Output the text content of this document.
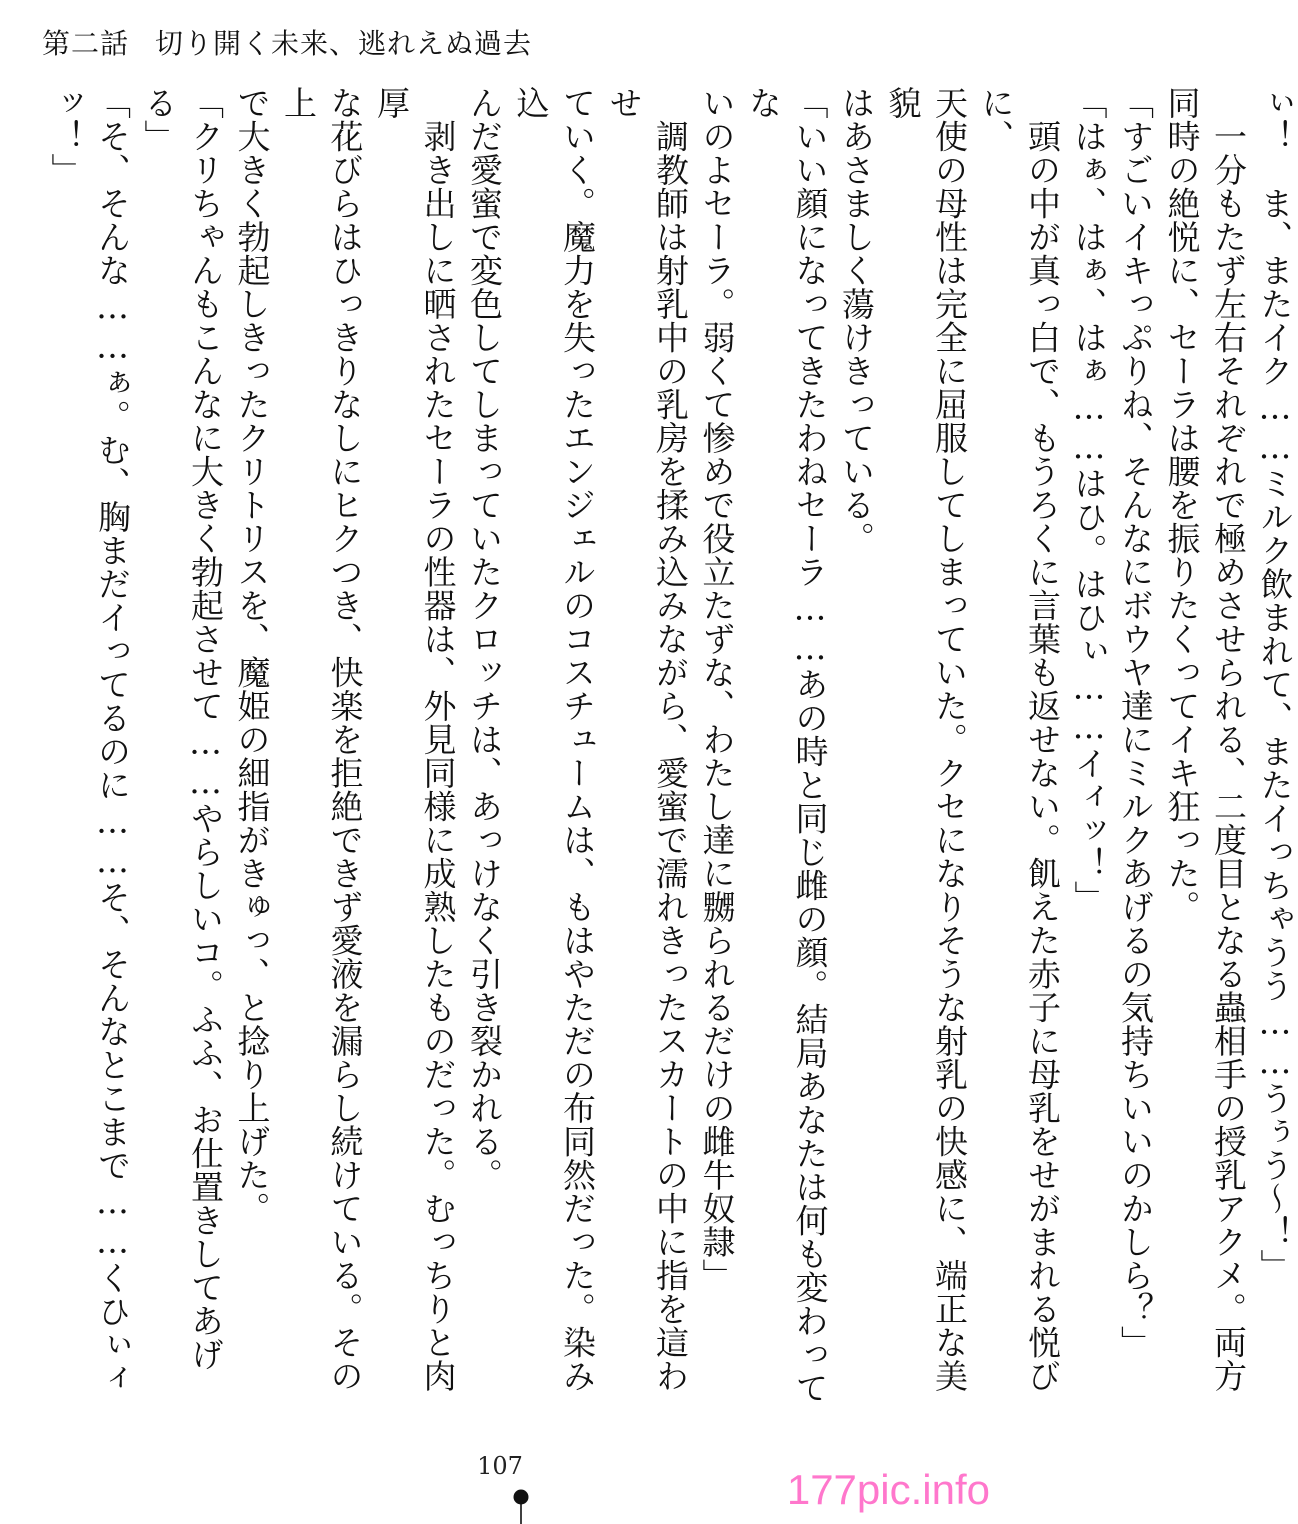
第二話 切り開く未来、逃れえぬ過去
ぃ！　ま、またイク……ミルク飲まれて、またイっちゃうう……うぅう〜！」
　一分もたず左右それぞれで極めさせられる、二度目となる蟲相手の授乳アクメ。両方
同時の絶悦に、セーラは腰を振りたくってイキ狂った。
「すごいイキっぷりね、そんなにボウヤ達にミルクあげるの気持ちいいのかしら？」
「はぁ、はぁ、はぁ……はひ。はひぃ……イィッ！」
　頭の中が真っ白で、もうろくに言葉も返せない。飢えた赤子に母乳をせがまれる悦びに、
天使の母性は完全に屈服してしまっていた。クセになりそうな射乳の快感に、端正な美貌
はあさましく蕩けきっている。
「いい顔になってきたわねセーラ……あの時と同じ雌の顔。結局あなたは何も変わってな
いのよセーラ。弱くて惨めで役立たずな、わたし達に嬲られるだけの雌牛奴隷」
　調教師は射乳中の乳房を揉み込みながら、愛蜜で濡れきったスカートの中に指を這わせ
ていく。魔力を失ったエンジェルのコスチュームは、もはやただの布同然だった。染み込
んだ愛蜜で変色してしまっていたクロッチは、あっけなく引き裂かれる。
　剥き出しに晒されたセーラの性器は、外見同様に成熟したものだった。むっちりと肉厚
な花びらはひっきりなしにヒクつき、快楽を拒絶できず愛液を漏らし続けている。その上
で大きく勃起しきったクリトリスを、魔姫の細指がきゅっ、と捻り上げた。
「クリちゃんもこんなに大きく勃起させて……やらしいコ。ふふ、お仕置きしてあげる」
「そ、そんな……ぁ。む、胸まだイってるのに……そ、そんなとこまで……くひぃィッ！」
107	177pic.info
